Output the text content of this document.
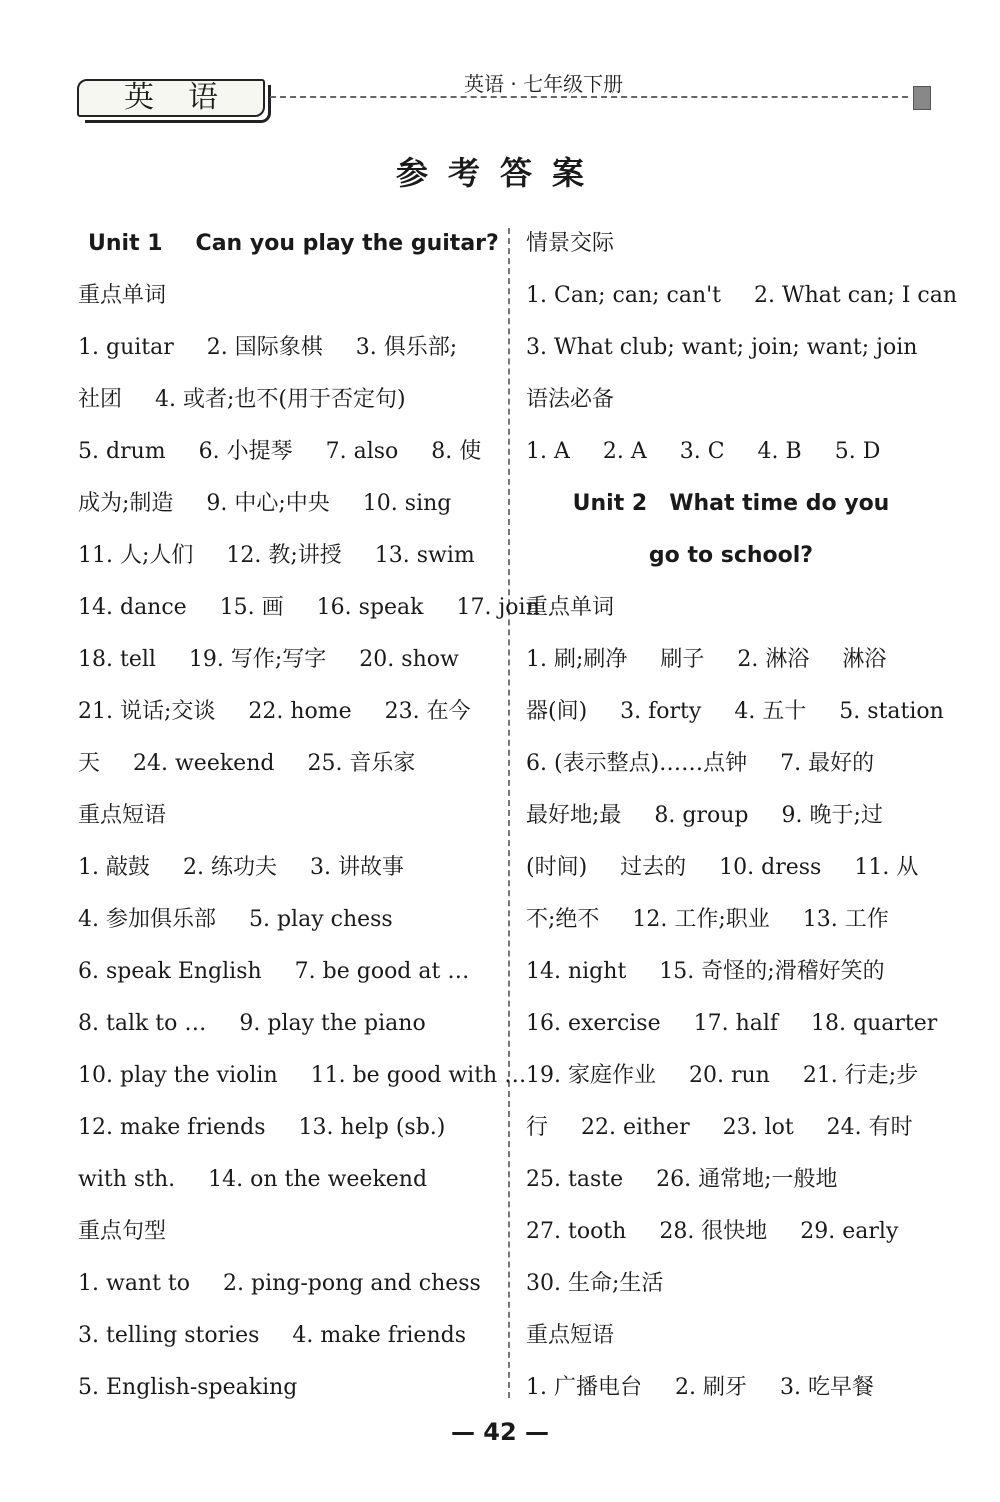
英语	英语 · 七年级下册
参考答案
Unit 1  Can you play the guitar?
重点单词
1. guitar  2. 国际象棋  3. 俱乐部;
社团  4. 或者;也不(用于否定句)
5. drum  6. 小提琴  7. also  8. 使
成为;制造  9. 中心;中央  10. sing
11. 人;人们  12. 教;讲授  13. swim
14. dance  15. 画  16. speak  17. join
18. tell  19. 写作;写字  20. show
21. 说话;交谈  22. home  23. 在今
天  24. weekend  25. 音乐家
重点短语
1. 敲鼓  2. 练功夫  3. 讲故事
4. 参加俱乐部  5. play chess
6. speak English  7. be good at …
8. talk to …  9. play the piano
10. play the violin  11. be good with …
12. make friends  13. help (sb.)
with sth.  14. on the weekend
重点句型
1. want to  2. ping-pong and chess
3. telling stories  4. make friends
5. English-speaking
情景交际
1. Can; can; can't  2. What can; I can
3. What club; want; join; want; join
语法必备
1. A  2. A  3. C  4. B  5. D
Unit 2 What time do you
go to school?
重点单词
1. 刷;刷净  刷子  2. 淋浴  淋浴
器(间)  3. forty  4. 五十  5. station
6. (表示整点)……点钟  7. 最好的
最好地;最  8. group  9. 晚于;过
(时间)  过去的  10. dress  11. 从
不;绝不  12. 工作;职业  13. 工作
14. night  15. 奇怪的;滑稽好笑的
16. exercise  17. half  18. quarter
19. 家庭作业  20. run  21. 行走;步
行  22. either  23. lot  24. 有时
25. taste  26. 通常地;一般地
27. tooth  28. 很快地  29. early
30. 生命;生活
重点短语
1. 广播电台  2. 刷牙  3. 吃早餐
— 42 —
